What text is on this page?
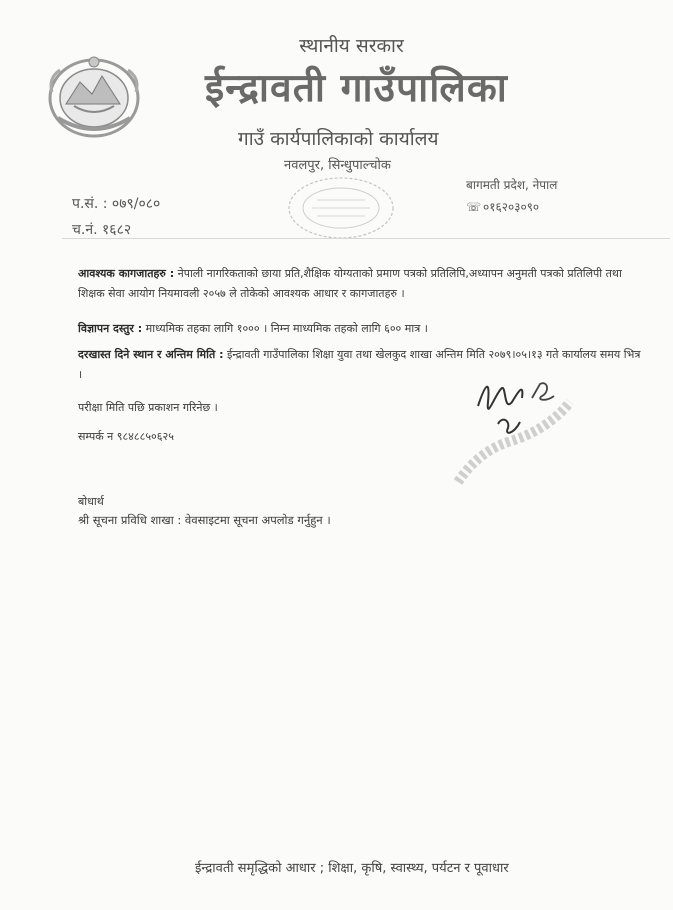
स्थानीय सरकार
ईन्द्रावती गाउँपालिका
गाउँ कार्यपालिकाको कार्यालय
नवलपुर, सिन्धुपाल्चोक
बागमती प्रदेश, नेपाल
☏ ०१६२०३०९०
प.सं. : ०७९/०८०
च.नं. १६८२
आवश्यक कागजातहरु : नेपाली नागरिकताको छाया प्रति,शैक्षिक योग्यताको प्रमाण पत्रको प्रतिलिपि,अध्यापन अनुमती पत्रको प्रतिलिपी तथा शिक्षक सेवा आयोग नियमावली २०५७ ले तोकेको आवश्यक आधार र कागजातहरु ।
विज्ञापन दस्तुर : माध्यमिक तहका लागि १००० । निम्न माध्यमिक तहको लागि ६०० मात्र ।
दरखास्त दिने स्थान र अन्तिम मिति : ईन्द्रावती गाउँपालिका शिक्षा युवा तथा खेलकुद शाखा अन्तिम मिति २०७९।०५।१३ गते कार्यालय समय भित्र ।
परीक्षा मिति पछि प्रकाशन गरिनेछ ।
सम्पर्क न ९८४८८५०६२५
बोधार्थ
श्री सूचना प्रविधि शाखा : वेवसाइटमा सूचना अपलोड गर्नुहुन ।
ईन्द्रावती समृद्धिको आधार ; शिक्षा, कृषि, स्वास्थ्य, पर्यटन र पूवाधार
